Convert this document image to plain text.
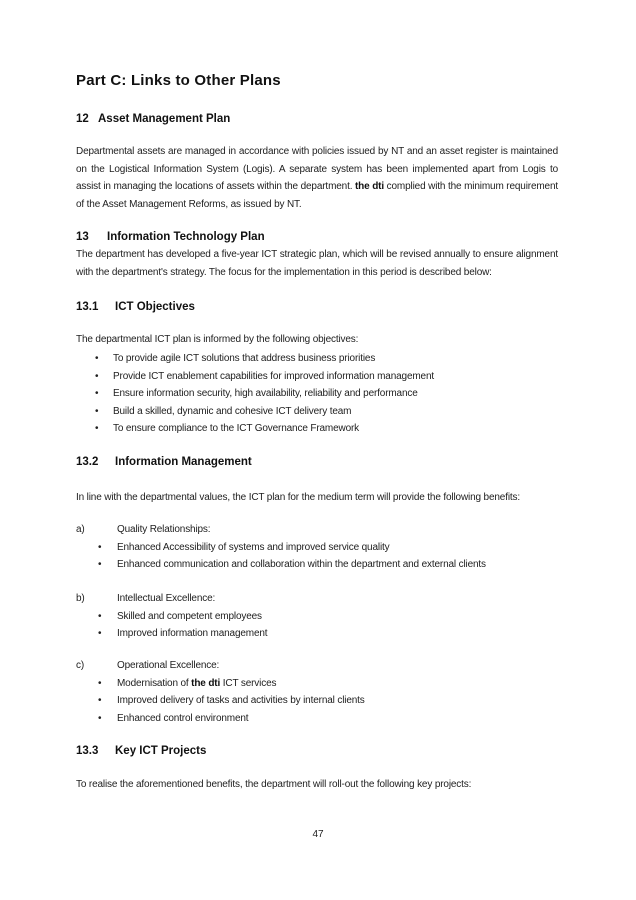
Part C: Links to Other Plans
12 Asset Management Plan

Departmental assets are managed in accordance with policies issued by NT and an asset register is maintained on the Logistical Information System (Logis). A separate system has been implemented apart from Logis to assist in managing the locations of assets within the department. the dti complied with the minimum requirement of the Asset Management Reforms, as issued by NT.

13 Information Technology Plan

The department has developed a five-year ICT strategic plan, which will be revised annually to ensure alignment with the department's strategy. The focus for the implementation in this period is described below:

13.1 ICT Objectives

The departmental ICT plan is informed by the following objectives:

• To provide agile ICT solutions that address business priorities
• Provide ICT enablement capabilities for improved information management
• Ensure information security, high availability, reliability and performance
• Build a skilled, dynamic and cohesive ICT delivery team
• To ensure compliance to the ICT Governance Framework
13.2 Information Management

In line with the departmental values, the ICT plan for the medium term will provide the following benefits:

a)	Quality Relationships:
• Enhanced Accessibility of systems and improved service quality
• Enhanced communication and collaboration within the department and external clients
b)	Intellectual Excellence:
• Skilled and competent employees
• Improved information management
c)	Operational Excellence:
• Modernisation of the dti ICT services
• Improved delivery of tasks and activities by internal clients
• Enhanced control environment
13.3 Key ICT Projects

To realise the aforementioned benefits, the department will roll-out the following key projects:

47
